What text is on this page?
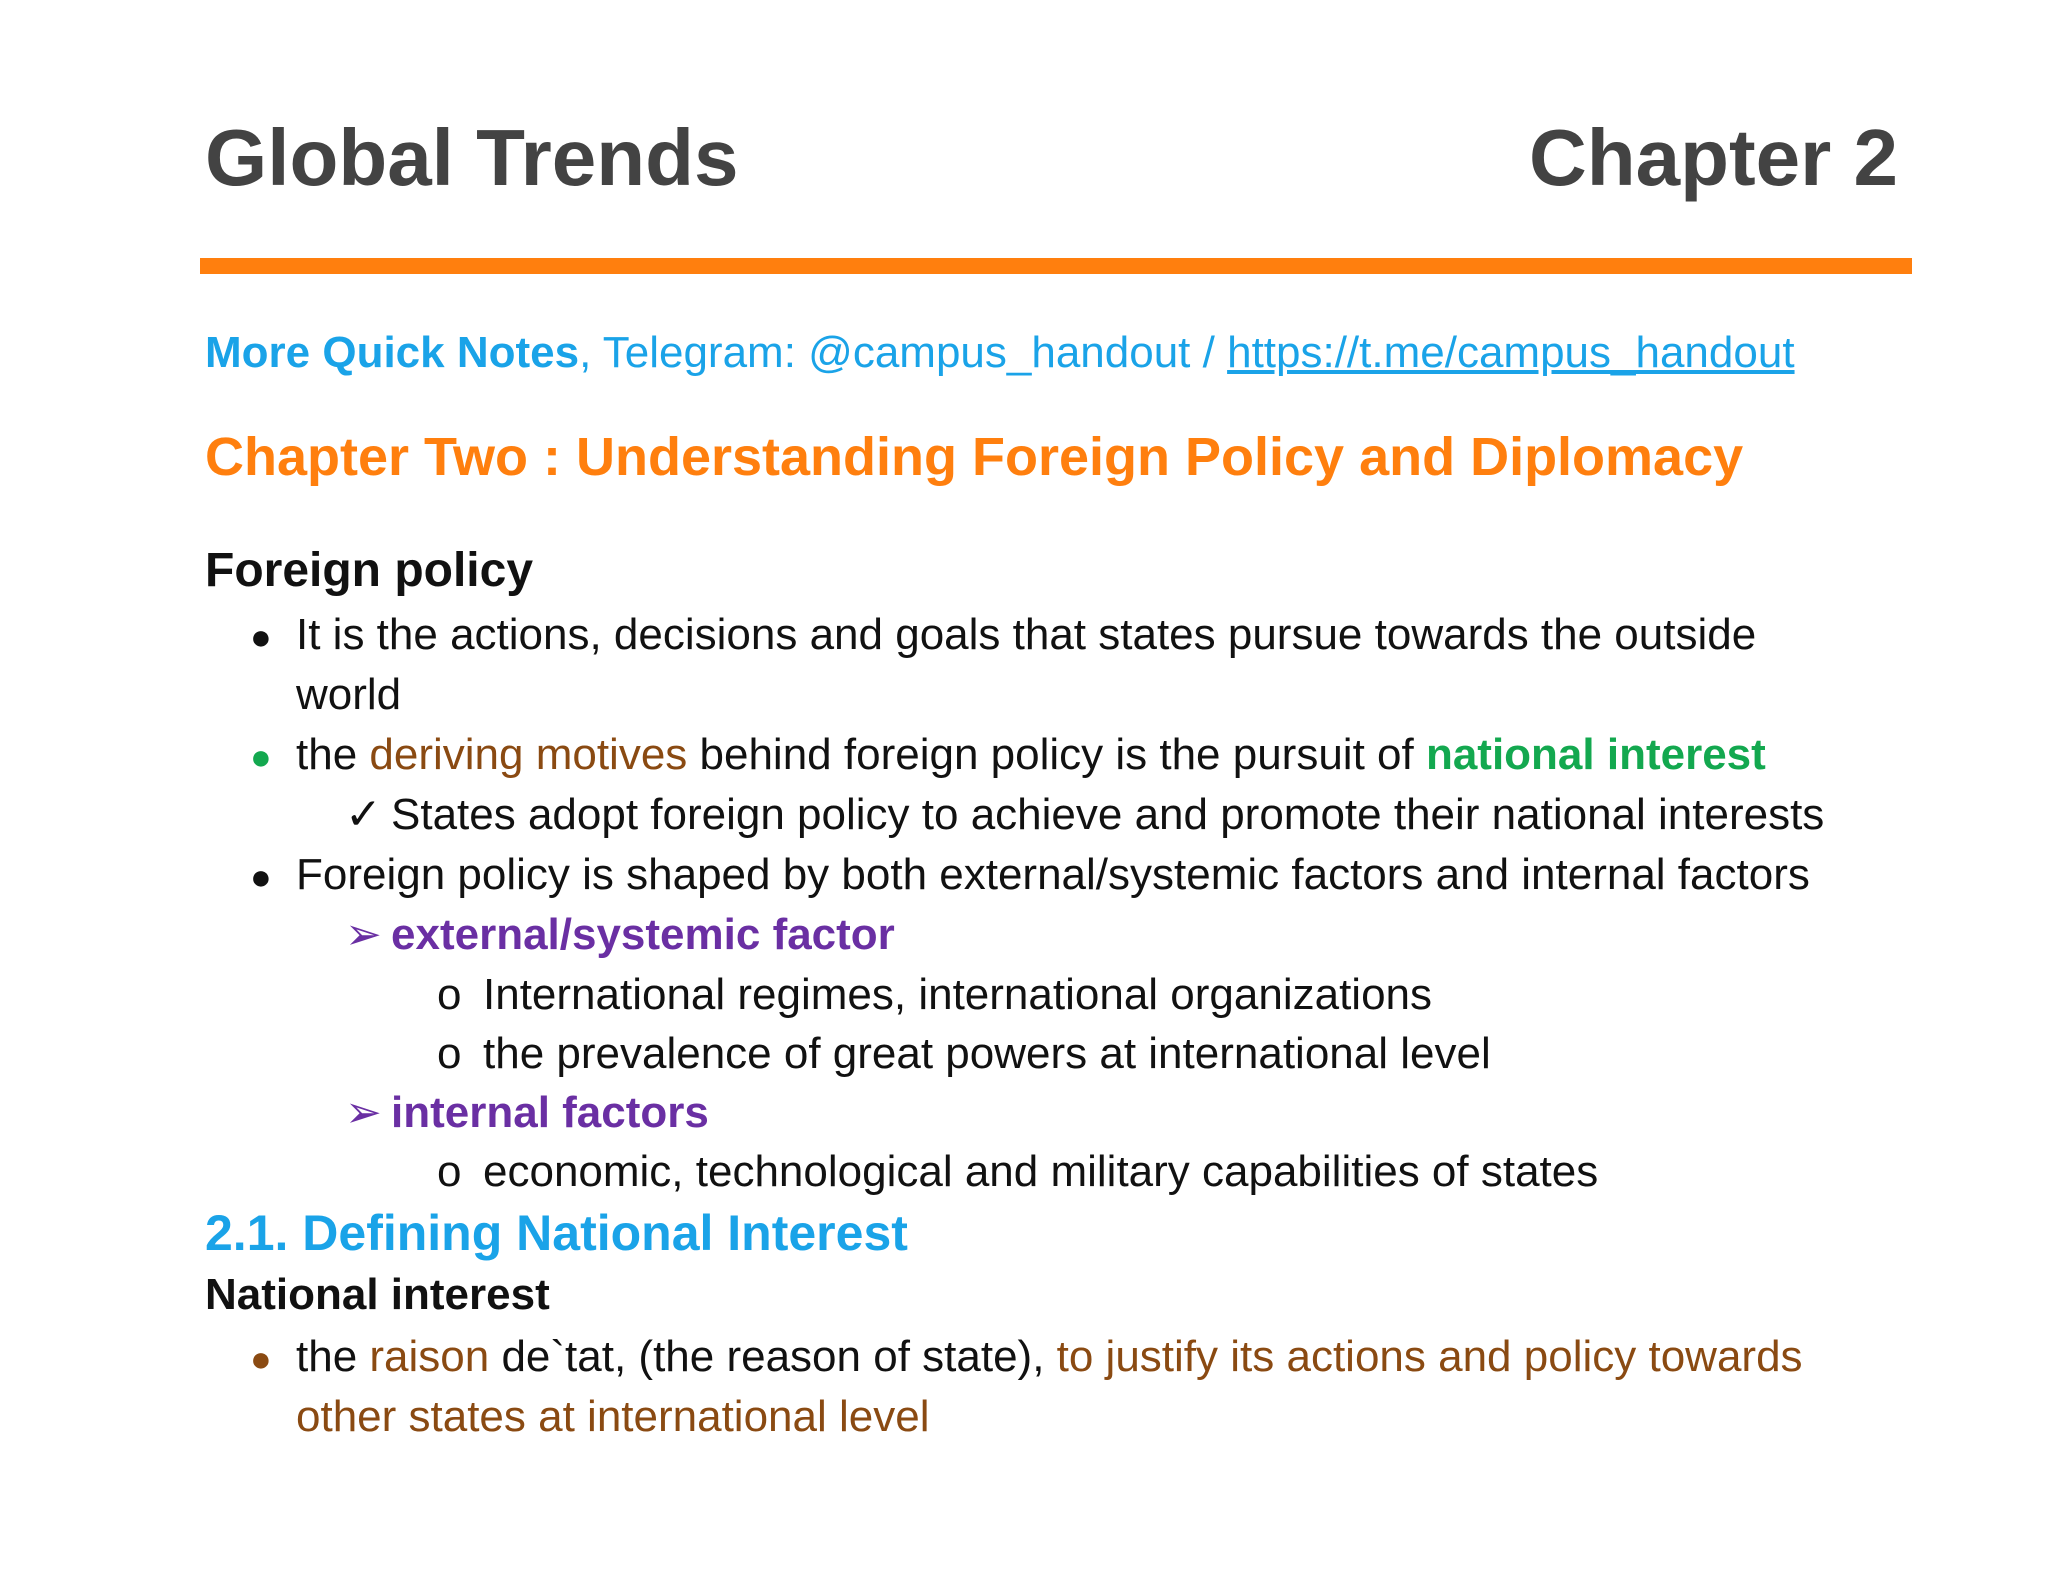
Global Trends	Chapter 2
More Quick Notes, Telegram: @campus_handout / https://t.me/campus_handout
Chapter Two : Understanding Foreign Policy and Diplomacy
Foreign policy
● It is the actions, decisions and goals that states pursue towards the outside
world
● the deriving motives behind foreign policy is the pursuit of national interest
✓ States adopt foreign policy to achieve and promote their national interests
● Foreign policy is shaped by both external/systemic factors and internal factors
➢ external/systemic factor
o International regimes, international organizations
o the prevalence of great powers at international level
➢ internal factors
o economic, technological and military capabilities of states
2.1. Defining National Interest
National interest
● the raison de`tat, (the reason of state), to justify its actions and policy towards
other states at international level
